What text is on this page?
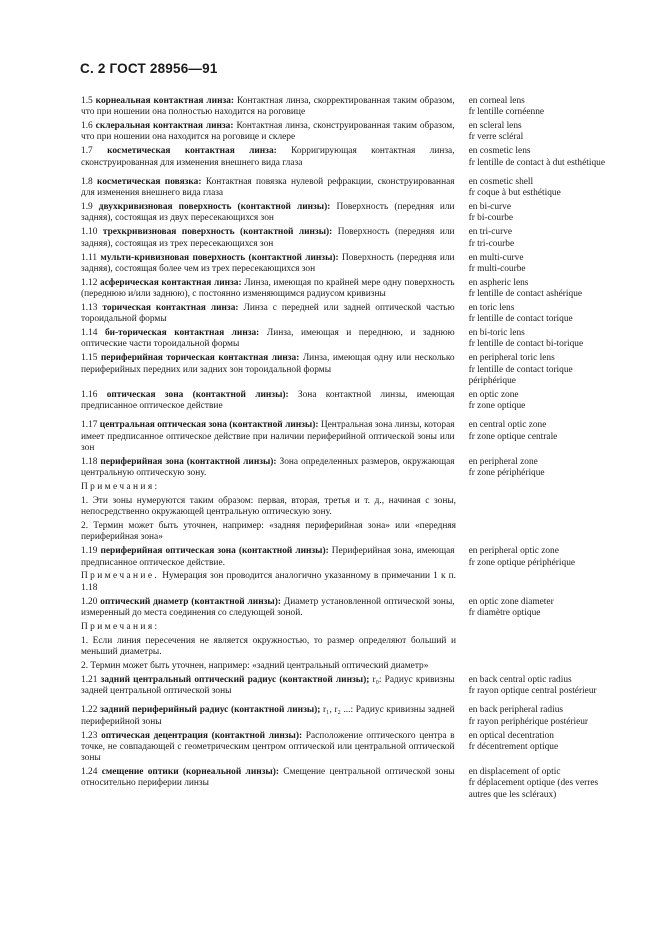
С. 2 ГОСТ 28956—91
1.5 корнеальная контактная линза: Контактная линза, скорректированная таким образом, что при ношении она полностью находится на роговице
en corneal lens
fr lentille cornéenne
1.6 склеральная контактная линза: Контактная линза, сконструированная таким образом, что при ношении она находится на роговице и склере
en scleral lens
fr verre scléral
1.7 косметическая контактная линза: Корригирующая контактная линза, сконструированная для изменения внешнего вида глаза
en cosmetic lens
fr lentille de contact à dut esthétique
1.8 косметическая повязка: Контактная повязка нулевой рефракции, сконструированная для изменения внешнего вида глаза
en cosmetic shell
fr coque à but esthétique
1.9 двухкривизновая поверхность (контактной линзы): Поверхность (передняя или задняя), состоящая из двух пересекающихся зон
en bi-curve
fr bi-courbe
1.10 трехкривизновая поверхность (контактной линзы): Поверхность (передняя или задняя), состоящая из трех пересекающихся зон
en tri-curve
fr tri-courbe
1.11 мульти-кривизновая поверхность (контактной линзы): Поверхность (передняя или задняя), состоящая более чем из трех пересекающихся зон
en multi-curve
fr multi-courbe
1.12 асферическая контактная линза: Линза, имеющая по крайней мере одну поверхность (переднюю и/или заднюю), с постоянно изменяющимся радиусом кривизны
en aspheric lens
fr lentille de contact ashérique
1.13 торическая контактная линза: Линза с передней или задней оптической частью тороидальной формы
en toric lens
fr lentille de contact torique
1.14 би-торическая контактная линза: Линза, имеющая и переднюю, и заднюю оптические части тороидальной формы
en bi-toric lens
fr lentille de contact bi-torique
1.15 периферийная торическая контактная линза: Линза, имеющая одну или несколько периферийных передних или задних зон тороидальной формы
en peripheral toric lens
fr lentille de contact torique périphérique
1.16 оптическая зона (контактной линзы): Зона контактной линзы, имеющая предписанное оптическое действие
en optic zone
fr zone optique
1.17 центральная оптическая зона (контактной линзы): Центральная зона линзы, которая имеет предписанное оптическое действие при наличии периферийной оптической зоны или зон
en central optic zone
fr zone optique centrale
1.18 периферийная зона (контактной линзы): Зона определенных размеров, окружающая центральную оптическую зону.
en peripheral zone
fr zone périphérique
Примечания:
1. Эти зоны нумеруются таким образом: первая, вторая, третья и т. д., начиная с зоны, непосредственно окружающей центральную оптическую зону.
2. Термин может быть уточнен, например: «задняя периферийная зона» или «передняя периферийная зона»
1.19 периферийная оптическая зона (контактной линзы): Периферийная зона, имеющая предписанное оптическое действие.
en peripheral optic zone
fr zone optique périphérique
Примечание. Нумерация зон проводится аналогично указанному в примечании 1 к п. 1.18
1.20 оптический диаметр (контактной линзы): Диаметр установленной оптической зоны, измеренный до места соединения со следующей зоной.
en optic zone diameter
fr diamètre optique
Примечания:
1. Если линия пересечения не является окружностью, то размер определяют больший и меньший диаметры.
2. Термин может быть уточнен, например: «задний центральный оптический диаметр»
1.21 задний центральный оптический радиус (контактной линзы); r₀: Радиус кривизны задней центральной оптической зоны
en back central optic radius
fr rayon optique central postérieur
1.22 задний периферийный радиус (контактной линзы); r₁, r₂ ...: Радиус кривизны задней периферийной зоны
en back peripheral radius
fr rayon periphérique postérieur
1.23 оптическая децентрация (контактной линзы): Расположение оптического центра в точке, не совпадающей с геометрическим центром оптической или центральной оптической зоны
en optical decentration
fr décentrement optique
1.24 смещение оптики (корнеальной линзы): Смещение центральной оптической зоны относительно периферии линзы
en displacement of optic
fr déplacement optique (des verres autres que les scléraux)
